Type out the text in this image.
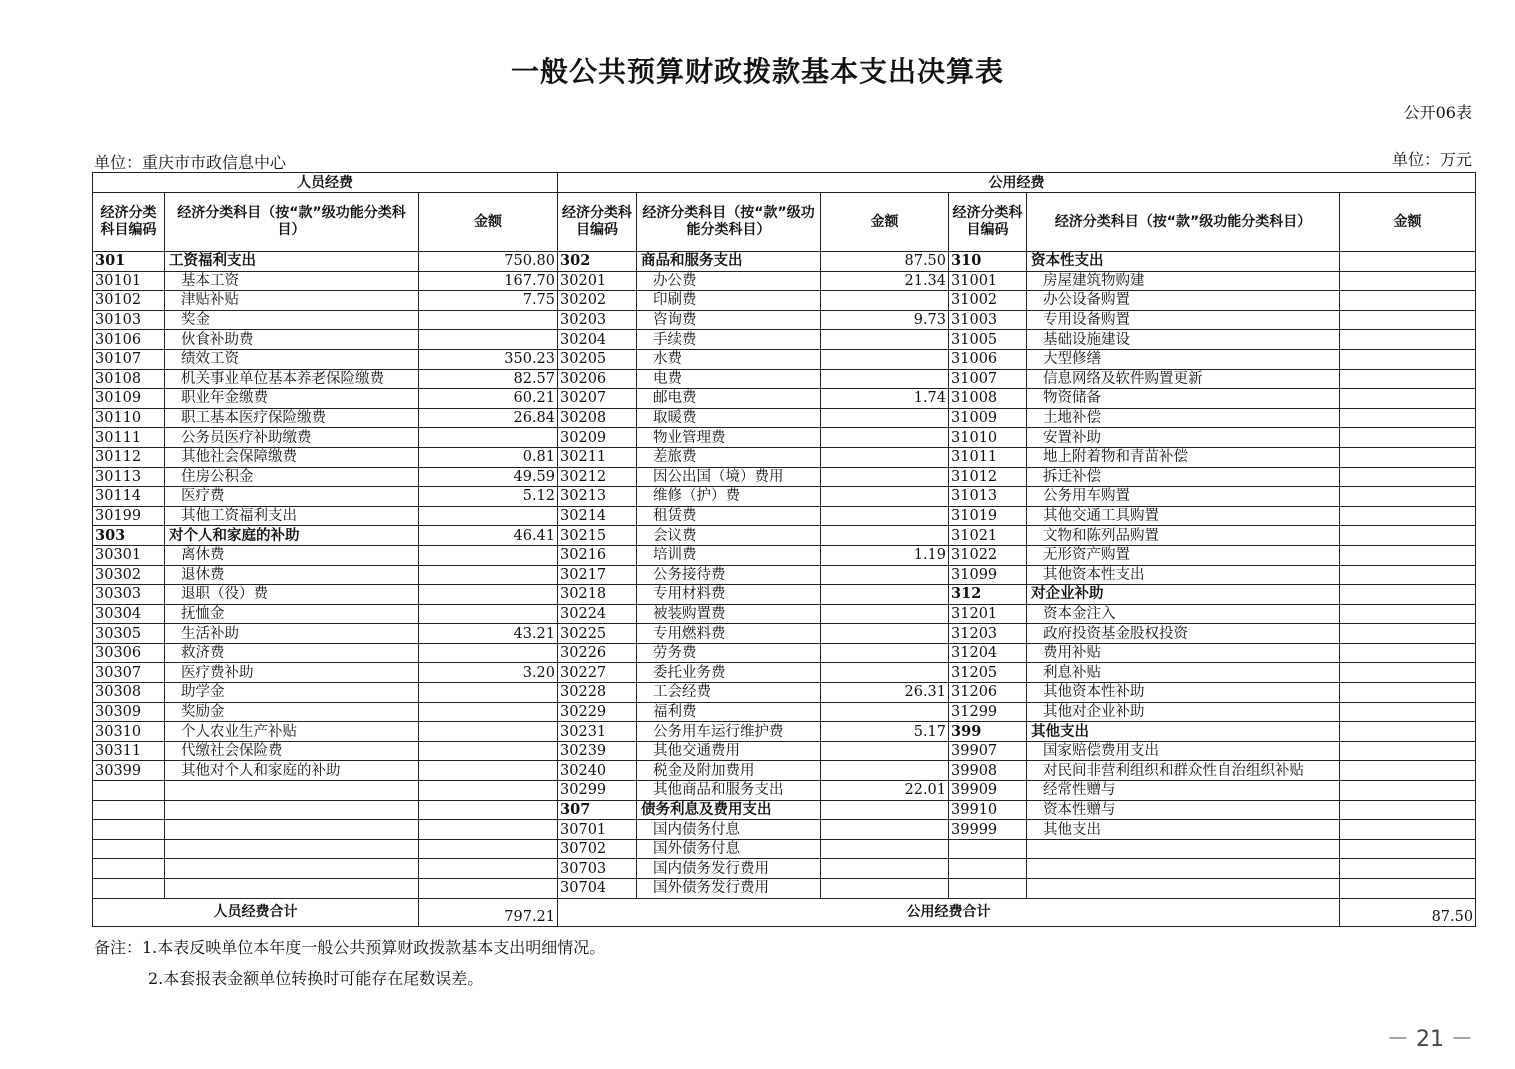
一般公共预算财政拨款基本支出决算表
公开06表
单位：重庆市市政信息中心	单位：万元
人员经费			公用经费					
经济分类科目编码	经济分类科目（按“款”级功能分类科目）	金额	经济分类科目编码	经济分类科目（按“款”级功能分类科目）	金额	经济分类科目编码	经济分类科目（按“款”级功能分类科目）	金额
301	工资福利支出	750.80	302	商品和服务支出	87.50	310	资本性支出	
30101	基本工资	167.70	30201	办公费	21.34	31001	房屋建筑物购建	
30102	津贴补贴	7.75	30202	印刷费		31002	办公设备购置	
30103	奖金		30203	咨询费	9.73	31003	专用设备购置	
30106	伙食补助费		30204	手续费		31005	基础设施建设	
30107	绩效工资	350.23	30205	水费		31006	大型修缮	
30108	机关事业单位基本养老保险缴费	82.57	30206	电费		31007	信息网络及软件购置更新	
30109	职业年金缴费	60.21	30207	邮电费	1.74	31008	物资储备	
30110	职工基本医疗保险缴费	26.84	30208	取暖费		31009	土地补偿	
30111	公务员医疗补助缴费		30209	物业管理费		31010	安置补助	
30112	其他社会保障缴费	0.81	30211	差旅费		31011	地上附着物和青苗补偿	
30113	住房公积金	49.59	30212	因公出国（境）费用		31012	拆迁补偿	
30114	医疗费	5.12	30213	维修（护）费		31013	公务用车购置	
30199	其他工资福利支出		30214	租赁费		31019	其他交通工具购置	
303	对个人和家庭的补助	46.41	30215	会议费		31021	文物和陈列品购置	
30301	离休费		30216	培训费	1.19	31022	无形资产购置	
30302	退休费		30217	公务接待费		31099	其他资本性支出	
30303	退职（役）费		30218	专用材料费		312	对企业补助	
30304	抚恤金		30224	被装购置费		31201	资本金注入	
30305	生活补助	43.21	30225	专用燃料费		31203	政府投资基金股权投资	
30306	救济费		30226	劳务费		31204	费用补贴	
30307	医疗费补助	3.20	30227	委托业务费		31205	利息补贴	
30308	助学金		30228	工会经费	26.31	31206	其他资本性补助	
30309	奖励金		30229	福利费		31299	其他对企业补助	
30310	个人农业生产补贴		30231	公务用车运行维护费	5.17	399	其他支出	
30311	代缴社会保险费		30239	其他交通费用		39907	国家赔偿费用支出	
30399	其他对个人和家庭的补助		30240	税金及附加费用		39908	对民间非营利组织和群众性自治组织补贴	
			30299	其他商品和服务支出	22.01	39909	经常性赠与	
			307	债务利息及费用支出		39910	资本性赠与	
			30701	国内债务付息		39999	其他支出	
			30702	国外债务付息				
			30703	国内债务发行费用				
			30704	国外债务发行费用				
人员经费合计		797.21	公用经费合计					87.50
备注：1.本表反映单位本年度一般公共预算财政拨款基本支出明细情况。
2.本套报表金额单位转换时可能存在尾数误差。
－ 21 －
